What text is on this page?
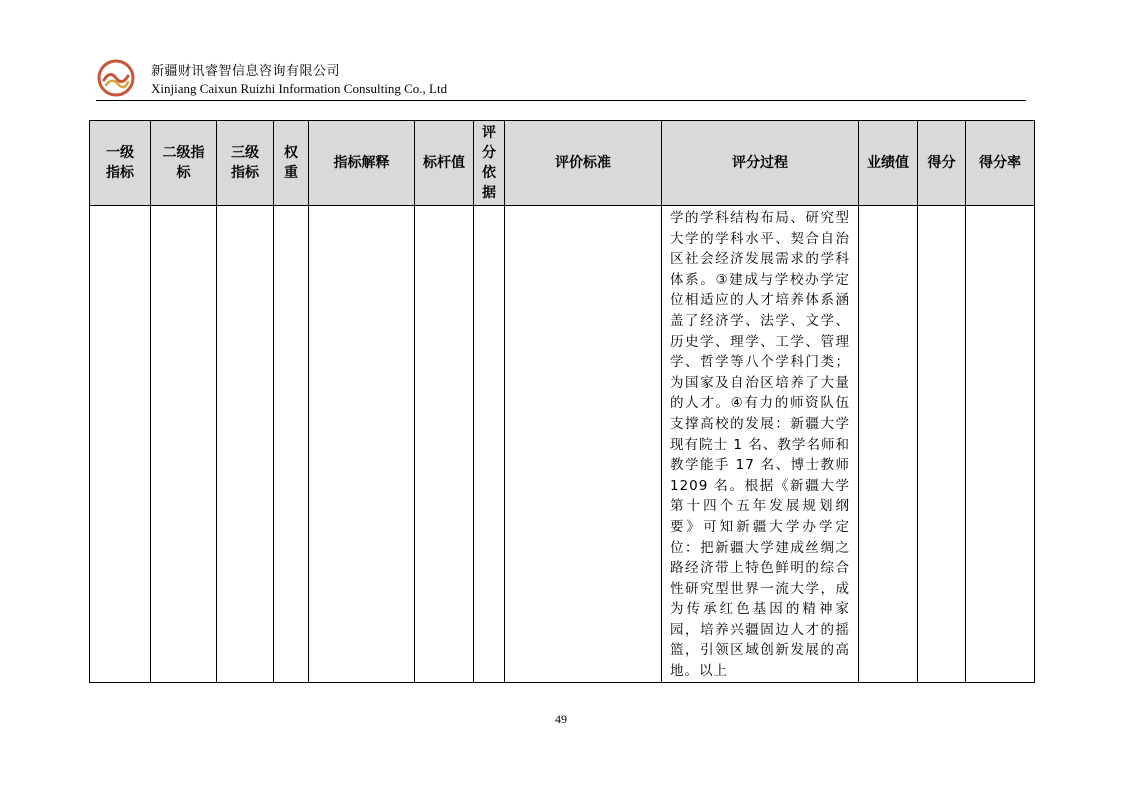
新疆财讯睿智信息咨询有限公司
Xinjiang Caixun Ruizhi Information Consulting Co., Ltd
一级指标	二级指标	三级指标	权重	指标解释	标杆值	评分依据	评价标准	评分过程	业绩值	得分	得分率

								学的学科结构布局、研究型大学的学科水平、契合自治区社会经济发展需求的学科体系。③建成与学校办学定位相适应的人才培养体系涵盖了经济学、法学、文学、历史学、理学、工学、管理学、哲学等八个学科门类；为国家及自治区培养了大量的人才。④有力的师资队伍支撑高校的发展：新疆大学现有院士 1 名、教学名师和教学能手 17 名、博士教师1209 名。根据《新疆大学第十四个五年发展规划纲要》可知新疆大学办学定位：把新疆大学建成丝绸之路经济带上特色鲜明的综合性研究型世界一流大学，成为传承红色基因的精神家园，培养兴疆固边人才的摇篮，引领区域创新发展的高地。以上			

49
